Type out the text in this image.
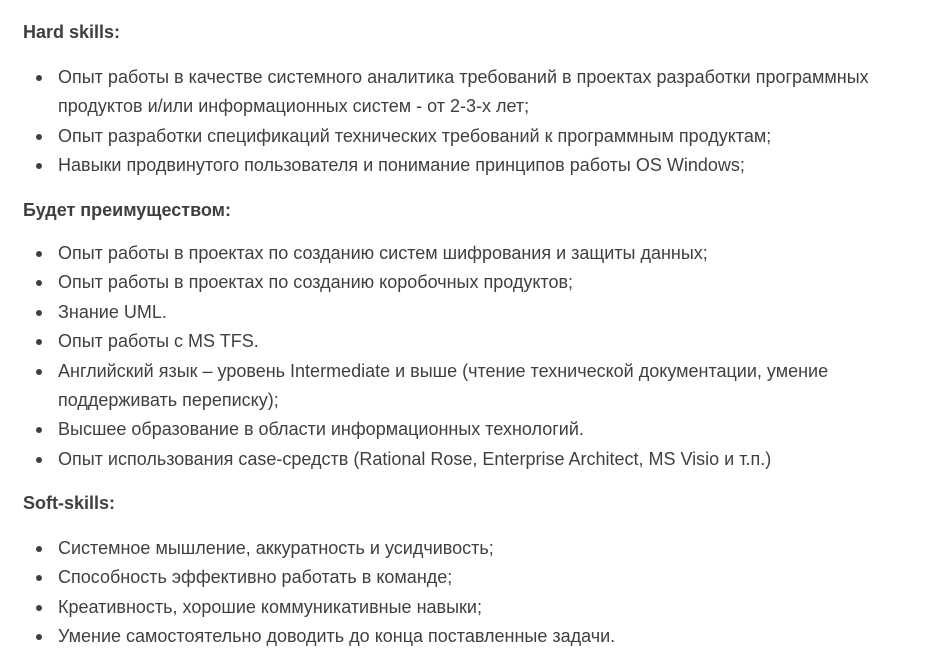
Hard skills:
Опыт работы в качестве системного аналитика требований в проектах разработки программных продуктов и/или информационных систем - от 2-3-х лет;
Опыт разработки спецификаций технических требований к программным продуктам;
Навыки продвинутого пользователя и понимание принципов работы OS Windows;
Будет преимуществом:
Опыт работы в проектах по созданию систем шифрования и защиты данных;
Опыт работы в проектах по созданию коробочных продуктов;
Знание UML.
Опыт работы с MS TFS.
Английский язык – уровень Intermediate и выше (чтение технической документации, умение поддерживать переписку);
Высшее образование в области информационных технологий.
Опыт использования case-средств (Rational Rose, Enterprise Architect, MS Visio и т.п.)
Soft-skills:
Системное мышление, аккуратность и усидчивость;
Способность эффективно работать в команде;
Креативность, хорошие коммуникативные навыки;
Умение самостоятельно доводить до конца поставленные задачи.
